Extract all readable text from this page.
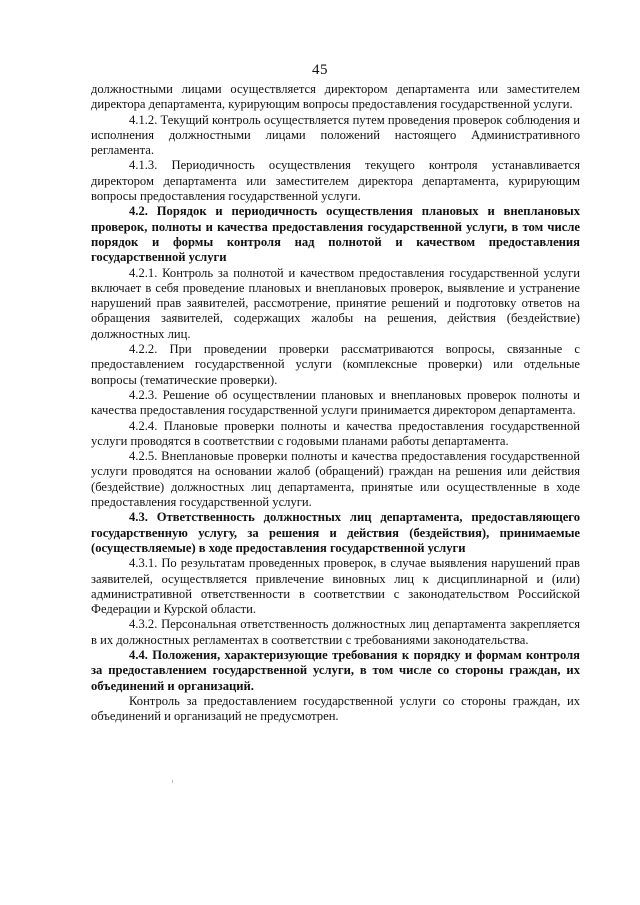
45

должностными лицами осуществляется директором департамента или заместителем директора департамента, курирующим вопросы предоставления государственной услуги.

4.1.2. Текущий контроль осуществляется путем проведения проверок соблюдения и исполнения должностными лицами положений настоящего Административного регламента.

4.1.3. Периодичность осуществления текущего контроля устанавливается директором департамента или заместителем директора департамента, курирующим вопросы предоставления государственной услуги.

4.2. Порядок и периодичность осуществления плановых и внеплановых проверок, полноты и качества предоставления государственной услуги, в том числе порядок и формы контроля над полнотой и качеством предоставления государственной услуги

4.2.1. Контроль за полнотой и качеством предоставления государственной услуги включает в себя проведение плановых и внеплановых проверок, выявление и устранение нарушений прав заявителей, рассмотрение, принятие решений и подготовку ответов на обращения заявителей, содержащих жалобы на решения, действия (бездействие) должностных лиц.

4.2.2. При проведении проверки рассматриваются вопросы, связанные с предоставлением государственной услуги (комплексные проверки) или отдельные вопросы (тематические проверки).

4.2.3. Решение об осуществлении плановых и внеплановых проверок полноты и качества предоставления государственной услуги принимается директором департамента.

4.2.4. Плановые проверки полноты и качества предоставления государственной услуги проводятся в соответствии с годовыми планами работы департамента.

4.2.5. Внеплановые проверки полноты и качества предоставления государственной услуги проводятся на основании жалоб (обращений) граждан на решения или действия (бездействие) должностных лиц департамента, принятые или осуществленные в ходе предоставления государственной услуги.

4.3. Ответственность должностных лиц департамента, предоставляющего государственную услугу, за решения и действия (бездействия), принимаемые (осуществляемые) в ходе предоставления государственной услуги

4.3.1. По результатам проведенных проверок, в случае выявления нарушений прав заявителей, осуществляется привлечение виновных лиц к дисциплинарной и (или) административной ответственности в соответствии с законодательством Российской Федерации и Курской области.

4.3.2. Персональная ответственность должностных лиц департамента закрепляется в их должностных регламентах в соответствии с требованиями законодательства.

4.4. Положения, характеризующие требования к порядку и формам контроля за предоставлением государственной услуги, в том числе со стороны граждан, их объединений и организаций.

Контроль за предоставлением государственной услуги со стороны граждан, их объединений и организаций не предусмотрен.
